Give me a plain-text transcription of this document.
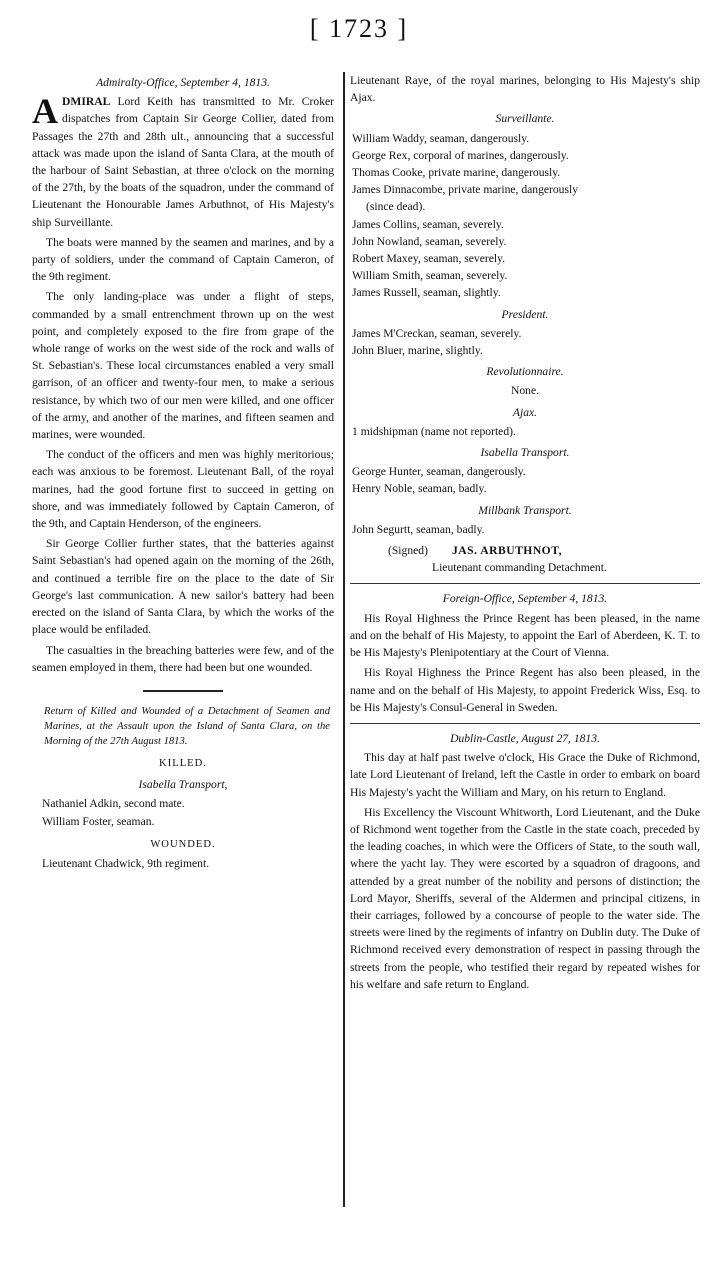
[ 1723 ]
Admiralty-Office, September 4, 1813.

ADMIRAL Lord Keith has transmitted to Mr. Croker dispatches from Captain Sir George Collier, dated from Passages the 27th and 28th ult., announcing that a successful attack was made upon the island of Santa Clara, at the mouth of the harbour of Saint Sebastian, at three o'clock on the morning of the 27th, by the boats of the squadron, under the command of Lieutenant the Honourable James Arbuthnot, of His Majesty's ship Surveillante.

The boats were manned by the seamen and marines, and by a party of soldiers, under the command of Captain Cameron, of the 9th regiment.

The only landing-place was under a flight of steps, commanded by a small entrenchment thrown up on the west point, and completely exposed to the fire from grape of the whole range of works on the west side of the rock and walls of St. Sebastian's. These local circumstances enabled a very small garrison, of an officer and twenty-four men, to make a serious resistance, by which two of our men were killed, and one officer of the army, and another of the marines, and fifteen seamen and marines, were wounded.

The conduct of the officers and men was highly meritorious; each was anxious to be foremost. Lieutenant Ball, of the royal marines, had the good fortune first to succeed in getting on shore, and was immediately followed by Captain Cameron, of the 9th, and Captain Henderson, of the engineers.

Sir George Collier further states, that the batteries against Saint Sebastian's had opened again on the morning of the 26th, and continued a terrible fire on the place to the date of Sir George's last communication. A new sailor's battery had been erected on the island of Santa Clara, by which the works of the place would be enfiladed.

The casualties in the breaching batteries were few, and of the seamen employed in them, there had been but one wounded.

Return of Killed and Wounded of a Detachment of Seamen and Marines, at the Assault upon the Island of Santa Clara, on the Morning of the 27th August 1813.
KILLED.
Isabella Transport,
Nathaniel Adkin, second mate.
William Foster, seaman.
WOUNDED.
Lieutenant Chadwick, 9th regiment.

Lieutenant Raye, of the royal marines, belonging to His Majesty's ship Ajax.

Surveillante.
William Waddy, seaman, dangerously.
George Rex, corporal of marines, dangerously.
Thomas Cooke, private marine, dangerously.
James Dinnacombe, private marine, dangerously
(since dead).
James Collins, seaman, severely.
John Nowland, seaman, severely.
Robert Maxey, seaman, severely.
William Smith, seaman, severely.
James Russell, seaman, slightly.
President.
James M'Creckan, seaman, severely.
John Bluer, marine, slightly.
Revolutionnaire.
None.
Ajax.
1 midshipman (name not reported).
Isabella Transport.
George Hunter, seaman, dangerously.
Henry Noble, seaman, badly.
Millbank Transport.
John Segurtt, seaman, badly.
(Signed) JAS. ARBUTHNOT,
Lieutenant commanding Detachment.
Foreign-Office, September 4, 1813.

His Royal Highness the Prince Regent has been pleased, in the name and on the behalf of His Majesty, to appoint the Earl of Aberdeen, K. T. to be His Majesty's Plenipotentiary at the Court of Vienna.

His Royal Highness the Prince Regent has also been pleased, in the name and on the behalf of His Majesty, to appoint Frederick Wiss, Esq. to be His Majesty's Consul-General in Sweden.

Dublin-Castle, August 27, 1813.

This day at half past twelve o'clock, His Grace the Duke of Richmond, late Lord Lieutenant of Ireland, left the Castle in order to embark on board His Majesty's yacht the William and Mary, on his return to England.

His Excellency the Viscount Whitworth, Lord Lieutenant, and the Duke of Richmond went together from the Castle in the state coach, preceded by the leading coaches, in which were the Officers of State, to the south wall, where the yacht lay. They were escorted by a squadron of dragoons, and attended by a great number of the nobility and persons of distinction; the Lord Mayor, Sheriffs, several of the Aldermen and principal citizens, in their carriages, followed by a concourse of people to the water side. The streets were lined by the regiments of infantry on Dublin duty. The Duke of Richmond received every demonstration of respect in passing through the streets from the people, who testified their regard by repeated wishes for his welfare and safe return to England.
